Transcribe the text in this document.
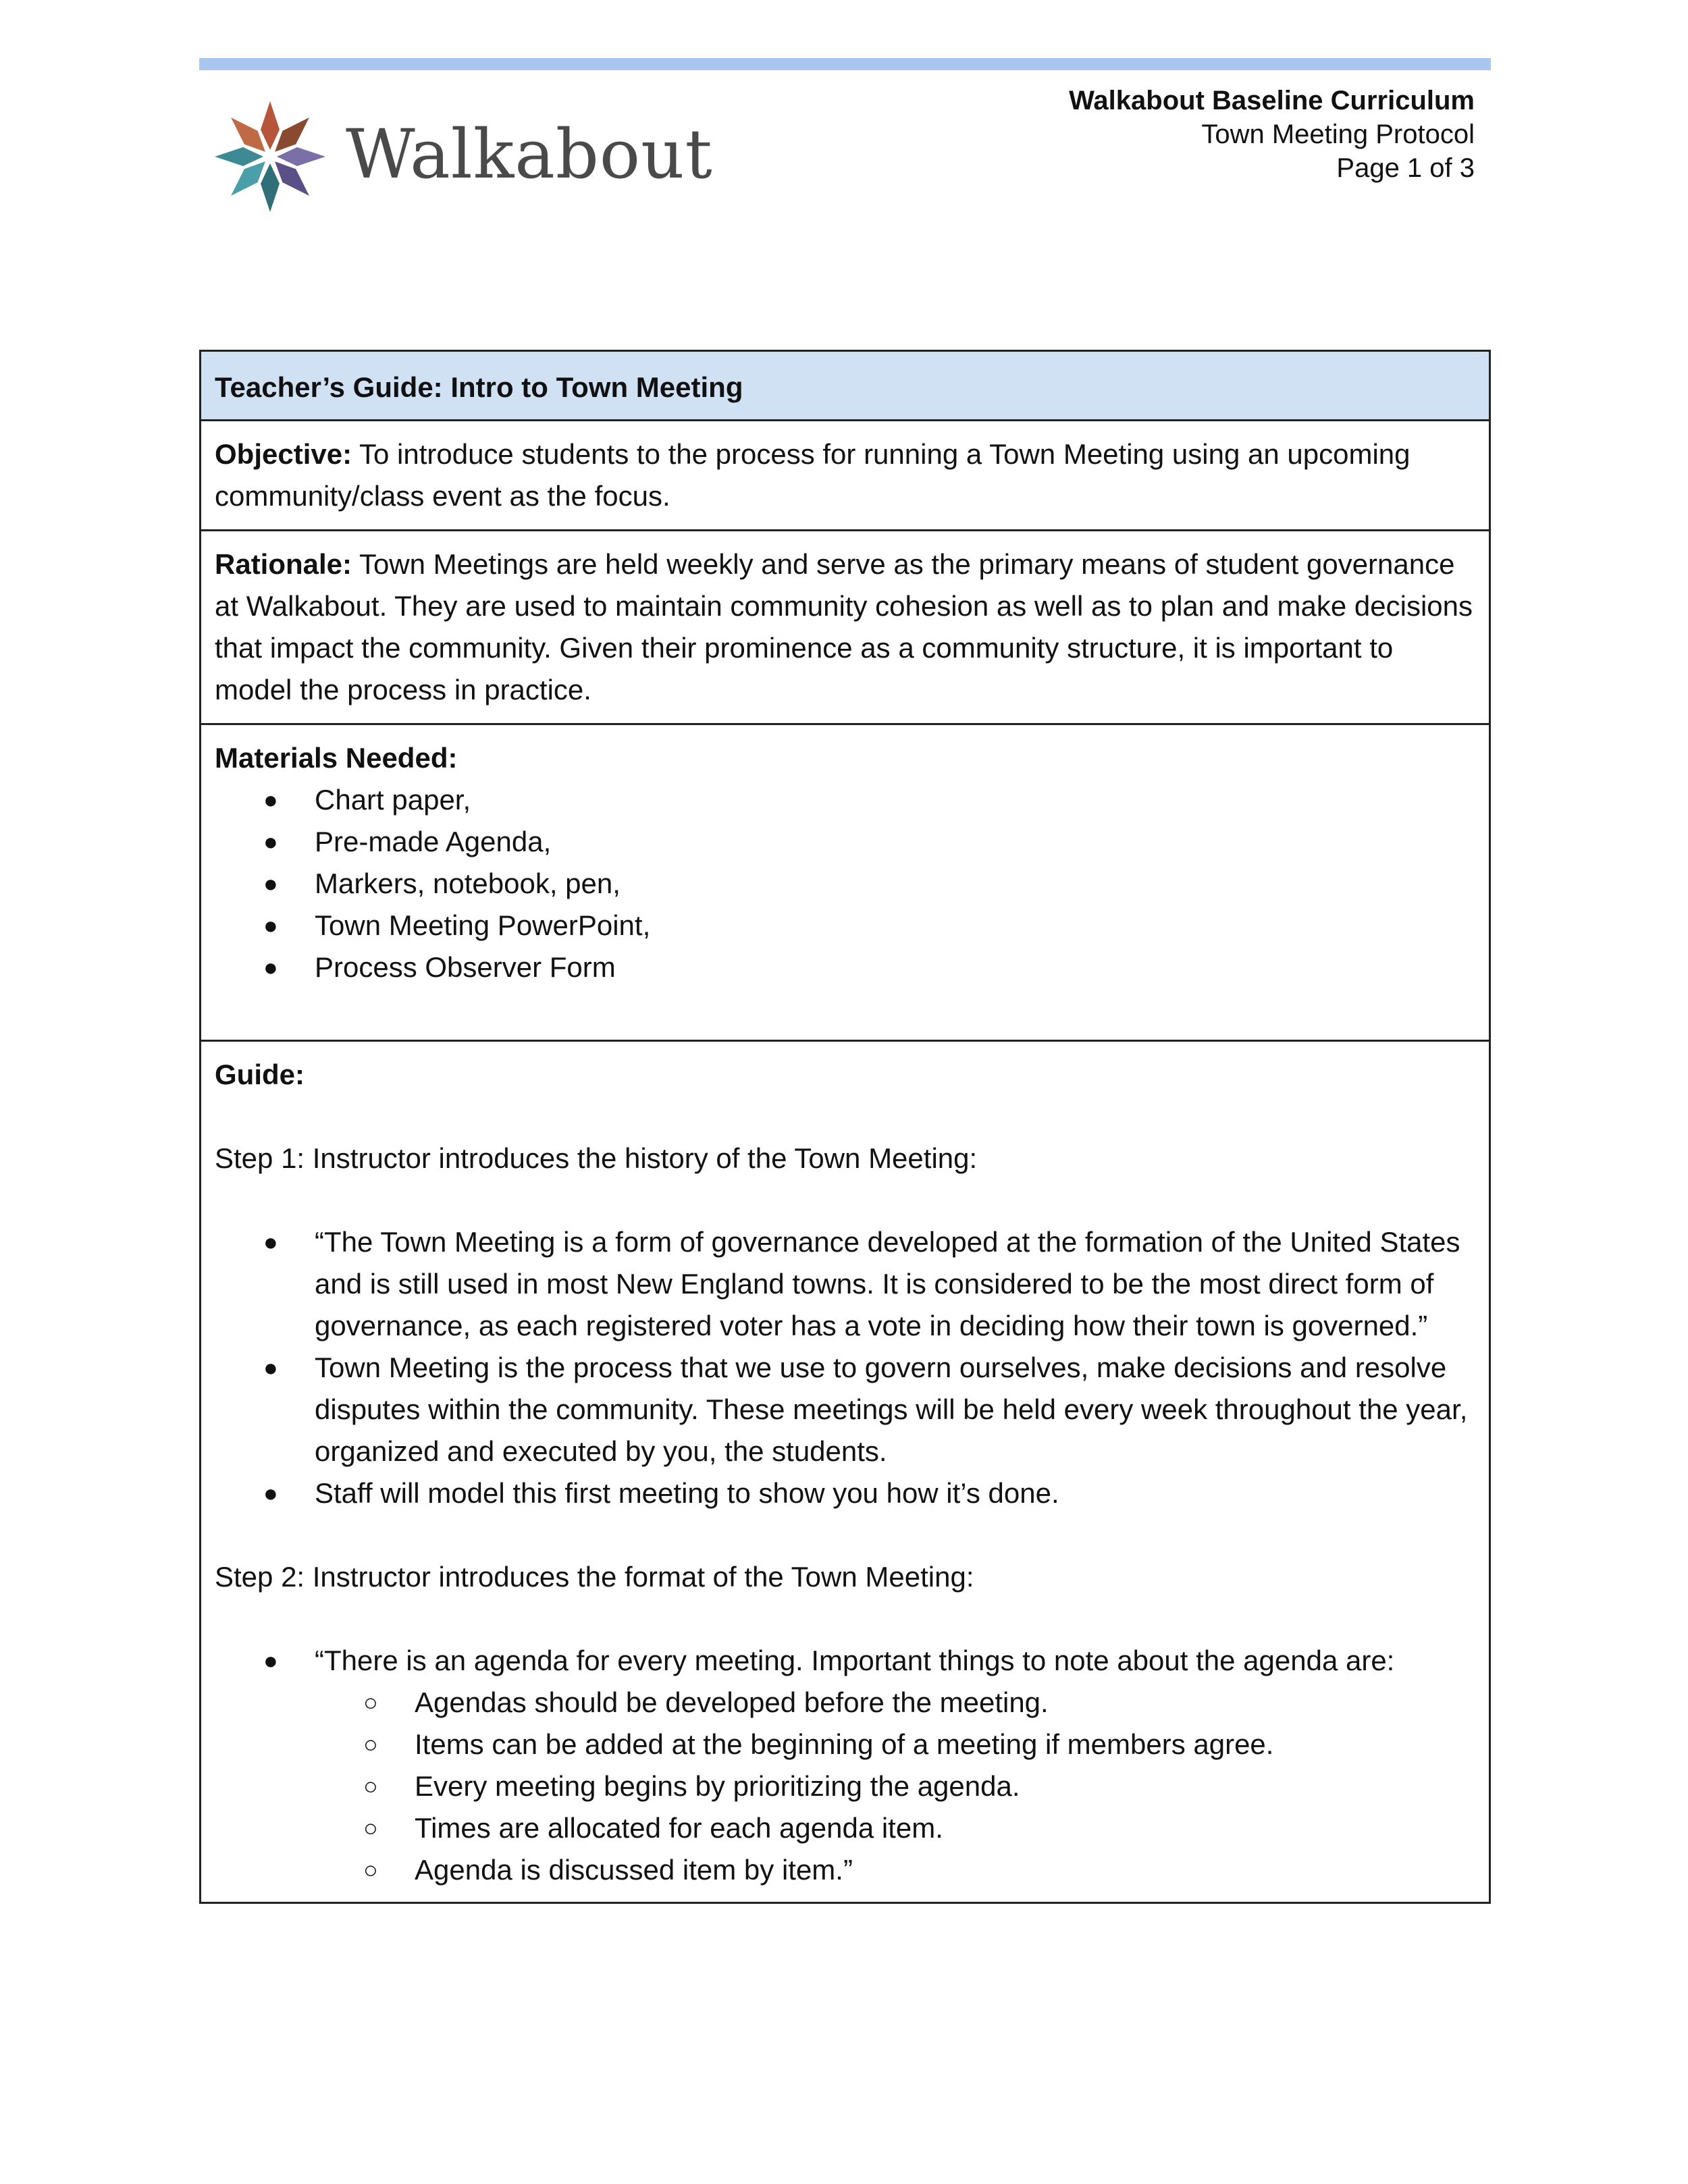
Walkabout
Walkabout Baseline Curriculum
Town Meeting Protocol
Page 1 of 3
Teacher’s Guide: Intro to Town Meeting
Objective: To introduce students to the process for running a Town Meeting using an upcoming community/class event as the focus.
Rationale: Town Meetings are held weekly and serve as the primary means of student governance at Walkabout. They are used to maintain community cohesion as well as to plan and make decisions that impact the community. Given their prominence as a community structure, it is important to model the process in practice.
Materials Needed:
● Chart paper,
● Pre-made Agenda,
● Markers, notebook, pen,
● Town Meeting PowerPoint,
● Process Observer Form
Guide:
Step 1: Instructor introduces the history of the Town Meeting:
● “The Town Meeting is a form of governance developed at the formation of the United States and is still used in most New England towns. It is considered to be the most direct form of governance, as each registered voter has a vote in deciding how their town is governed.”
● Town Meeting is the process that we use to govern ourselves, make decisions and resolve disputes within the community. These meetings will be held every week throughout the year, organized and executed by you, the students.
● Staff will model this first meeting to show you how it’s done.
Step 2: Instructor introduces the format of the Town Meeting:
● “There is an agenda for every meeting. Important things to note about the agenda are:
○ Agendas should be developed before the meeting.
○ Items can be added at the beginning of a meeting if members agree.
○ Every meeting begins by prioritizing the agenda.
○ Times are allocated for each agenda item.
○ Agenda is discussed item by item.”
